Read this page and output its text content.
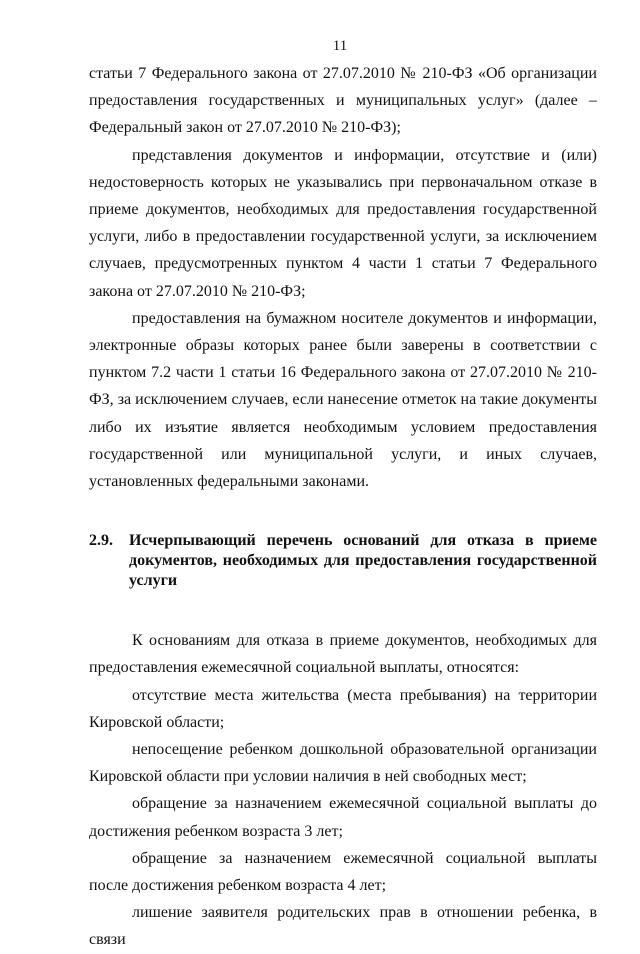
11

статьи 7 Федерального закона от 27.07.2010 № 210-ФЗ «Об организации предоставления государственных и муниципальных услуг» (далее – Федеральный закон от 27.07.2010 № 210-ФЗ);

представления документов и информации, отсутствие и (или) недостоверность которых не указывались при первоначальном отказе в приеме документов, необходимых для предоставления государственной услуги, либо в предоставлении государственной услуги, за исключением случаев, предусмотренных пунктом 4 части 1 статьи 7 Федерального закона от 27.07.2010 № 210-ФЗ;

предоставления на бумажном носителе документов и информации, электронные образы которых ранее были заверены в соответствии с пунктом 7.2 части 1 статьи 16 Федерального закона от 27.07.2010 № 210-ФЗ, за исключением случаев, если нанесение отметок на такие документы либо их изъятие является необходимым условием предоставления государственной или муниципальной услуги, и иных случаев, установленных федеральными законами.

2.9.	Исчерпывающий перечень оснований для отказа в приеме документов, необходимых для предоставления государственной услуги

К основаниям для отказа в приеме документов, необходимых для предоставления ежемесячной социальной выплаты, относятся:

отсутствие места жительства (места пребывания) на территории Кировской области;

непосещение ребенком дошкольной образовательной организации Кировской области при условии наличия в ней свободных мест;

обращение за назначением ежемесячной социальной выплаты до достижения ребенком возраста 3 лет;

обращение за назначением ежемесячной социальной выплаты после достижения ребенком возраста 4 лет;

лишение заявителя родительских прав в отношении ребенка, в связи
